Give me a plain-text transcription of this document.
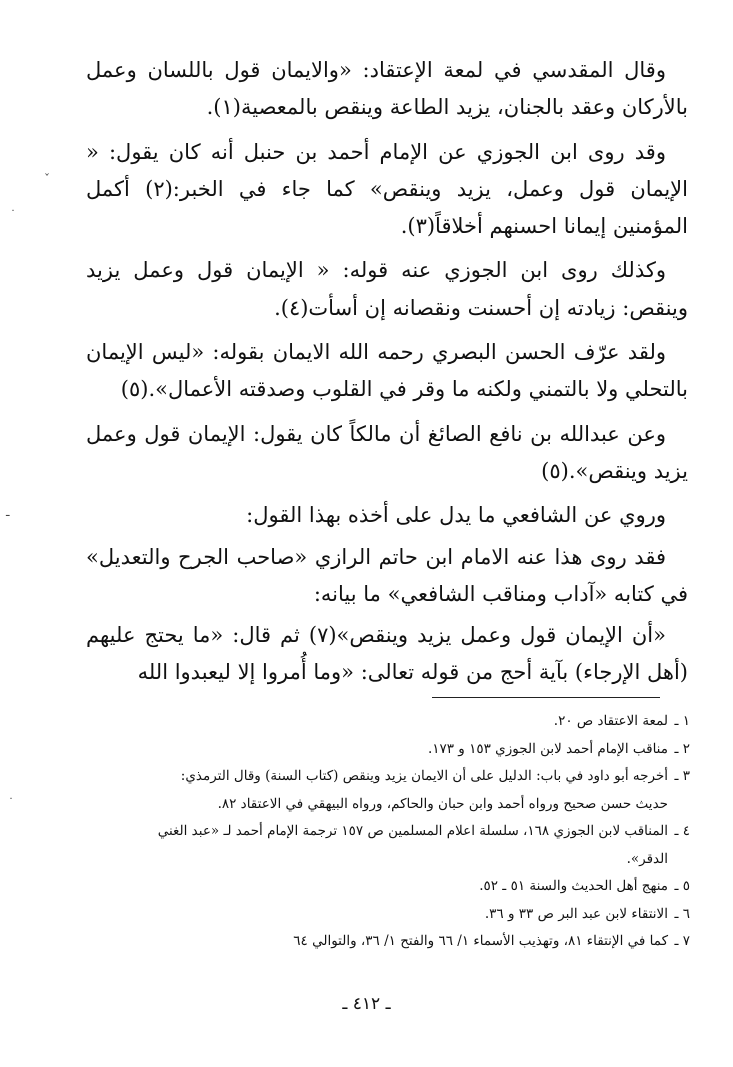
وقال المقدسي في لمعة الإعتقاد: «والايمان قول باللسان وعمل بالأركان وعقد بالجنان، يزيد الطاعة وينقص بالمعصية(١).

وقد روى ابن الجوزي عن الإمام أحمد بن حنبل أنه كان يقول: « الإيمان قول وعمل، يزيد وينقص» كما جاء في الخبر:(٢) أكمل المؤمنين إيمانا احسنهم أخلاقاً(٣).

وكذلك روى ابن الجوزي عنه قوله: « الإيمان قول وعمل يزيد وينقص: زيادته إن أحسنت ونقصانه إن أسأت(٤).

ولقد عرّف الحسن البصري رحمه الله الايمان بقوله: «ليس الإيمان بالتحلي ولا بالتمني ولكنه ما وقر في القلوب وصدقته الأعمال».(٥)

وعن عبدالله بن نافع الصائغ أن مالكاً كان يقول: الإيمان قول وعمل يزيد وينقص».(٥)

وروي عن الشافعي ما يدل على أخذه بهذا القول:

فقد روى هذا عنه الامام ابن حاتم الرازي «صاحب الجرح والتعديل» في كتابه «آداب ومناقب الشافعي» ما بيانه:

«أن الإيمان قول وعمل يزيد وينقص»(٧) ثم قال: «ما يحتج عليهم (أهل الإرجاء) بآية أحج من قوله تعالى: «وما أُمروا إلا ليعبدوا الله

١ ـ
لمعة الاعتقاد ص ٢٠.
٢ ـ
مناقب الإمام أحمد لابن الجوزي ١٥٣ و ١٧٣.
٣ ـ
أخرجه أبو داود في باب: الدليل على أن الايمان يزيد وينقص (كتاب السنة) وقال الترمذي: حديث حسن صحيح ورواه أحمد وابن حبان والحاكم، ورواه البيهقي في الاعتقاد ٨٢.
٤ ـ
المناقب لابن الجوزي ١٦٨، سلسلة اعلام المسلمين ص ١٥٧ ترجمة الإمام أحمد لـ «عبد الغني الدقر».
٥ ـ
منهج أهل الحديث والسنة ٥١ ـ ٥٢.
٦ ـ
الانتقاء لابن عبد البر ص ٣٣ و ٣٦.
٧ ـ
كما في الإنتقاء ٨١، وتهذيب الأسماء ١/ ٦٦ والفتح ١/ ٣٦، والتوالي ٦٤
ـ ٤١٢ ـ
ˇ
˙
ـ
˙
